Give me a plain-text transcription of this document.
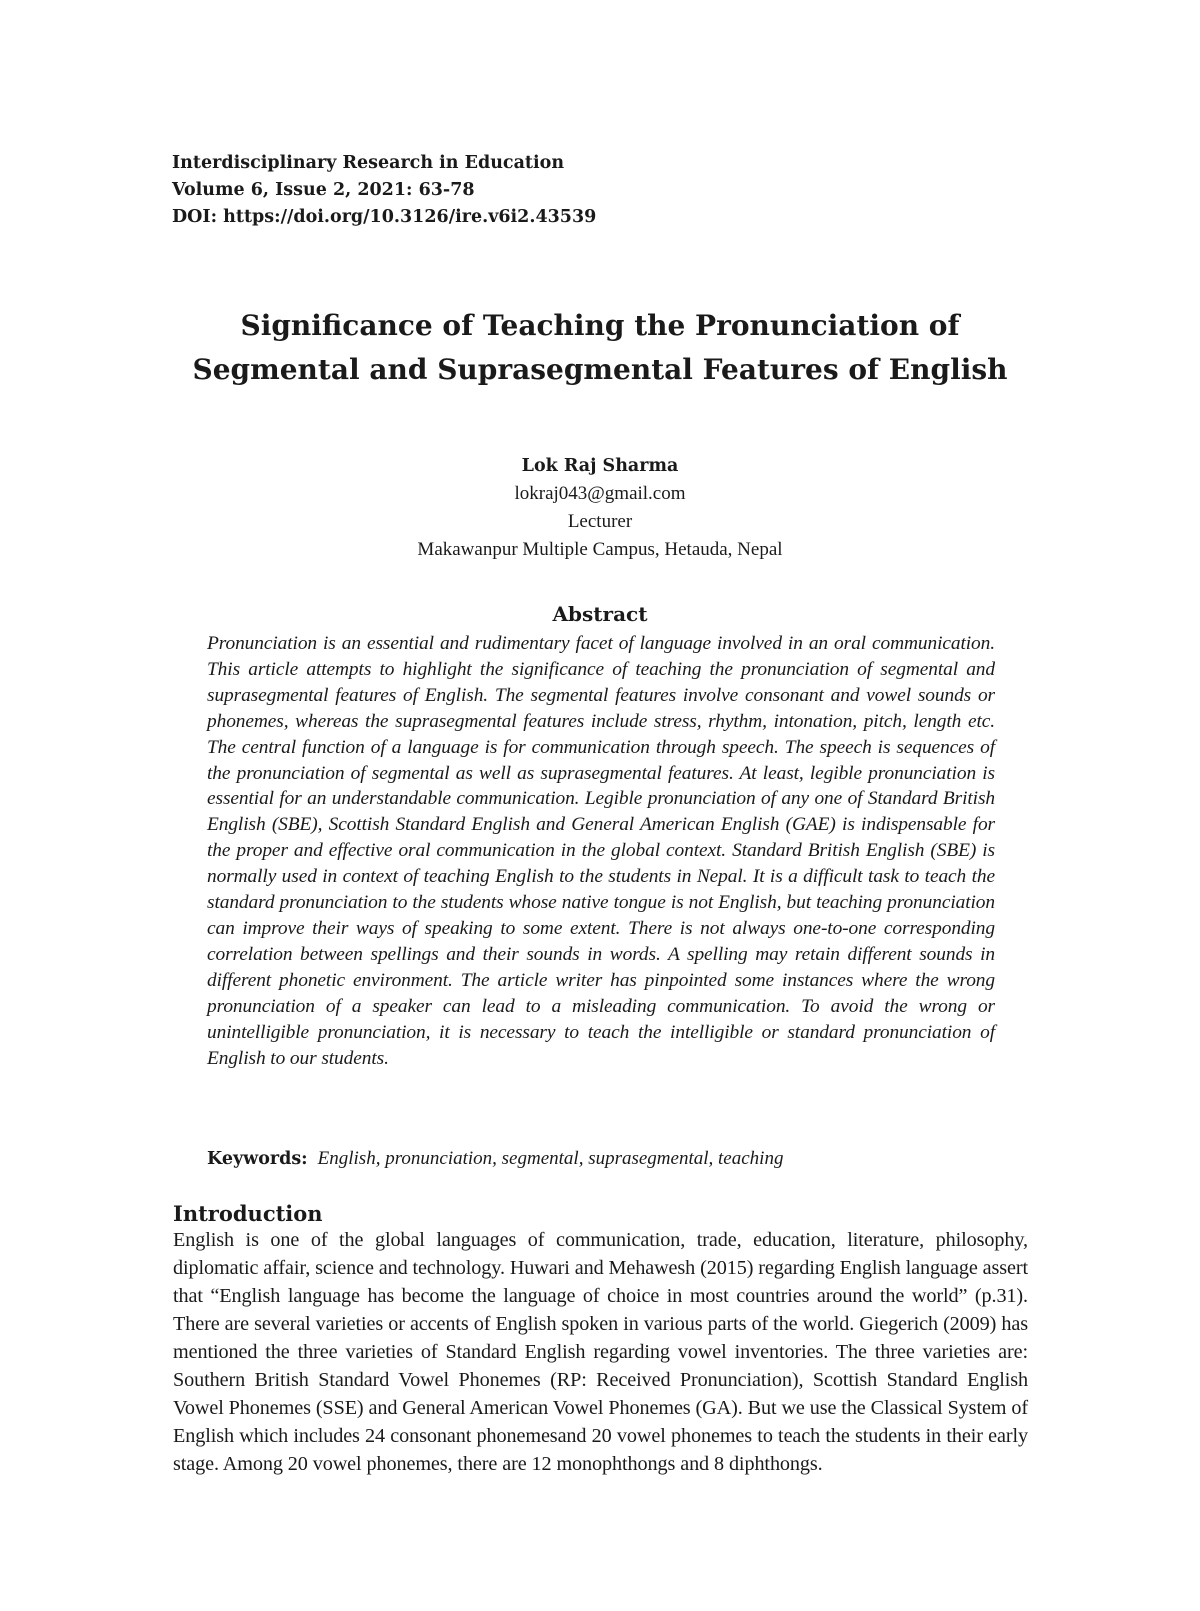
Interdisciplinary Research in Education
Volume 6, Issue 2, 2021: 63-78
DOI: https://doi.org/10.3126/ire.v6i2.43539
Significance of Teaching the Pronunciation of
Segmental and Suprasegmental Features of English
Lok Raj Sharma
lokraj043@gmail.com
Lecturer
Makawanpur Multiple Campus, Hetauda, Nepal
Abstract
Pronunciation is an essential and rudimentary facet of language involved in an oral communication. This article attempts to highlight the significance of teaching the pronunciation of segmental and suprasegmental features of English. The segmental features involve consonant and vowel sounds or phonemes, whereas the suprasegmental features include stress, rhythm, intonation, pitch, length etc. The central function of a language is for communication through speech. The speech is sequences of the pronunciation of segmental as well as suprasegmental features. At least, legible pronunciation is essential for an understandable communication. Legible pronunciation of any one of Standard British English (SBE), Scottish Standard English and General American English (GAE) is indispensable for the proper and effective oral communication in the global context. Standard British English (SBE) is normally used in context of teaching English to the students in Nepal. It is a difficult task to teach the standard pronunciation to the students whose native tongue is not English, but teaching pronunciation can improve their ways of speaking to some extent. There is not always one-to-one corresponding correlation between spellings and their sounds in words. A spelling may retain different sounds in different phonetic environment. The article writer has pinpointed some instances where the wrong pronunciation of a speaker can lead to a misleading communication. To avoid the wrong or unintelligible pronunciation, it is necessary to teach the intelligible or standard pronunciation of English to our students.
Keywords: English, pronunciation, segmental, suprasegmental, teaching
Introduction
English is one of the global languages of communication, trade, education, literature, philosophy, diplomatic affair, science and technology. Huwari and Mehawesh (2015) regarding English language assert that “English language has become the language of choice in most countries around the world” (p.31). There are several varieties or accents of English spoken in various parts of the world. Giegerich (2009) has mentioned the three varieties of Standard English regarding vowel inventories. The three varieties are: Southern British Standard Vowel Phonemes (RP: Received Pronunciation), Scottish Standard English Vowel Phonemes (SSE) and General American Vowel Phonemes (GA). But we use the Classical System of English which includes 24 consonant phonemesand 20 vowel phonemes to teach the students in their early stage. Among 20 vowel phonemes, there are 12 monophthongs and 8 diphthongs.
